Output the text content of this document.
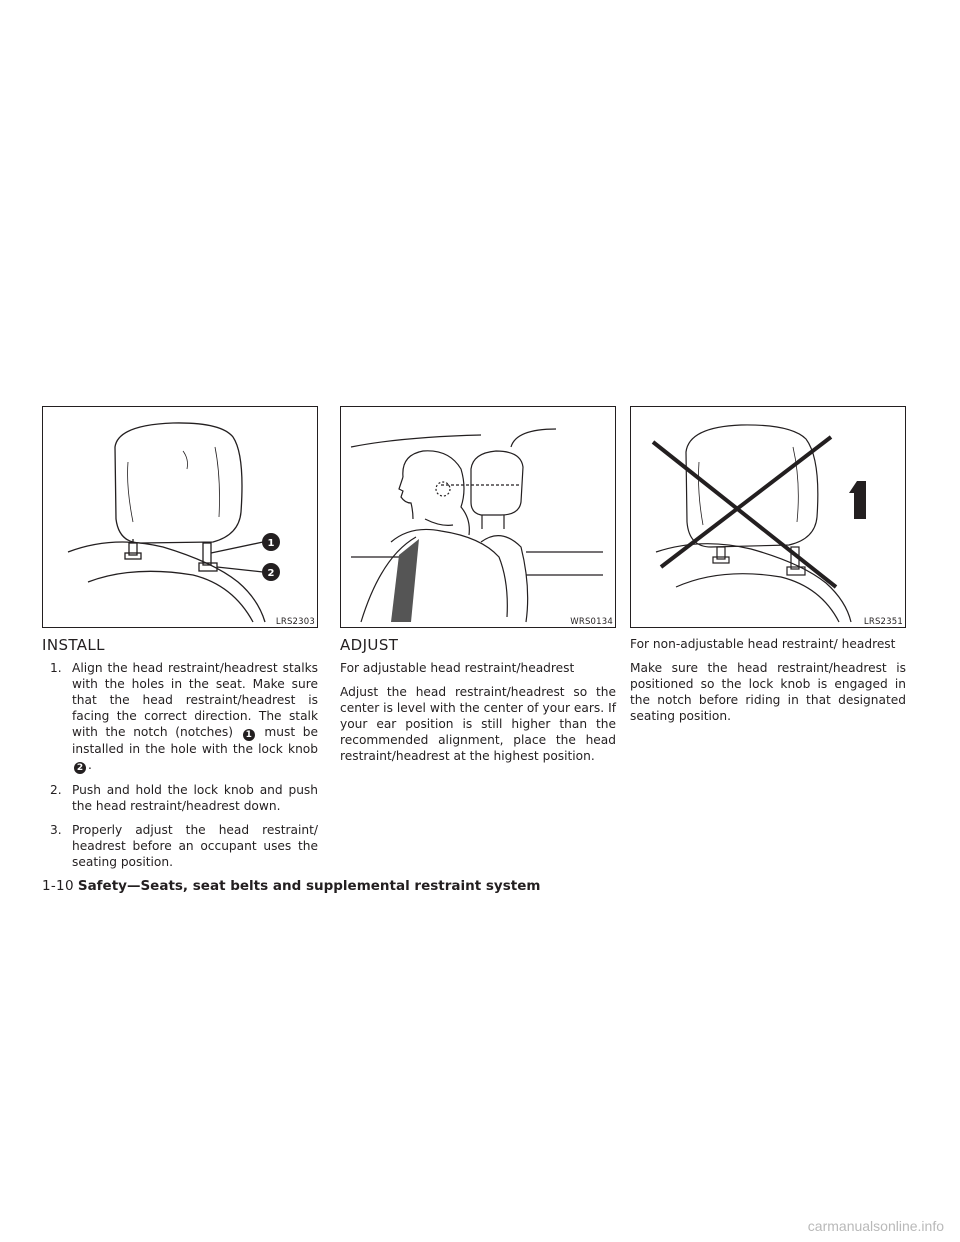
1
2
LRS2303	WRS0134	LRS2351
INSTALL
1. Align the head restraint/headrest stalks with the holes in the seat. Make sure that the head restraint/headrest is facing the correct direction. The stalk with the notch (notches) 1 must be installed in the hole with the lock knob 2 .
2. Push and hold the lock knob and push the head restraint/headrest down.
3. Properly adjust the head restraint/ headrest before an occupant uses the seating position.
ADJUST

For adjustable head restraint/headrest

Adjust the head restraint/headrest so the center is level with the center of your ears. If your ear position is still higher than the recommended alignment, place the head restraint/headrest at the highest position.

For non-adjustable head restraint/ headrest

Make sure the head restraint/headrest is positioned so the lock knob is engaged in the notch before riding in that designated seating position.

1-10 Safety—Seats, seat belts and supplemental restraint system
carmanualsonline.info
